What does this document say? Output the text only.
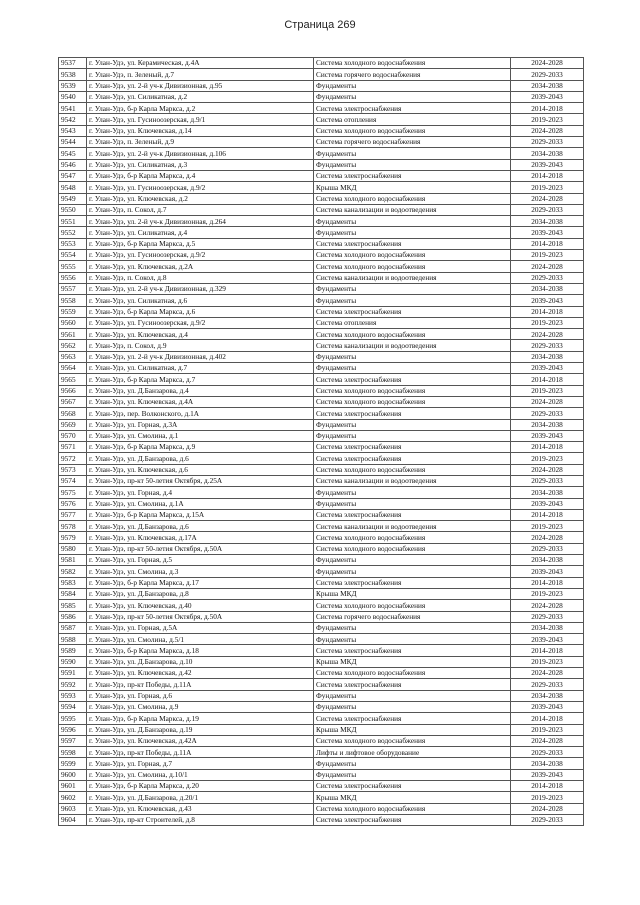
Страница 269
9537	г. Улан-Удэ, ул. Керамическая, д.4А	Система холодного водоснабжения	2024-2028
9538	г. Улан-Удэ, п. Зеленый, д.7	Система горячего водоснабжения	2029-2033
9539	г. Улан-Удэ, ул. 2-й уч-к Дивизионная, д.95	Фундаменты	2034-2038
9540	г. Улан-Удэ, ул. Силикатная, д.2	Фундаменты	2039-2043
9541	г. Улан-Удэ, б-р Карла Маркса, д.2	Система электроснабжения	2014-2018
9542	г. Улан-Удэ, ул. Гусиноозерская, д.9/1	Система отопления	2019-2023
9543	г. Улан-Удэ, ул. Ключевская, д.14	Система холодного водоснабжения	2024-2028
9544	г. Улан-Удэ, п. Зеленый, д.9	Система горячего водоснабжения	2029-2033
9545	г. Улан-Удэ, ул. 2-й уч-к Дивизионная, д.106	Фундаменты	2034-2038
9546	г. Улан-Удэ, ул. Силикатная, д.3	Фундаменты	2039-2043
9547	г. Улан-Удэ, б-р Карла Маркса, д.4	Система электроснабжения	2014-2018
9548	г. Улан-Удэ, ул. Гусиноозерская, д.9/2	Крыша МКД	2019-2023
9549	г. Улан-Удэ, ул. Ключевская, д.2	Система холодного водоснабжения	2024-2028
9550	г. Улан-Удэ, п. Сокол, д.7	Система канализации и водоотведения	2029-2033
9551	г. Улан-Удэ, ул. 2-й уч-к Дивизионная, д.264	Фундаменты	2034-2038
9552	г. Улан-Удэ, ул. Силикатная, д.4	Фундаменты	2039-2043
9553	г. Улан-Удэ, б-р Карла Маркса, д.5	Система электроснабжения	2014-2018
9554	г. Улан-Удэ, ул. Гусиноозерская, д.9/2	Система холодного водоснабжения	2019-2023
9555	г. Улан-Удэ, ул. Ключевская, д.2А	Система холодного водоснабжения	2024-2028
9556	г. Улан-Удэ, п. Сокол, д.8	Система канализации и водоотведения	2029-2033
9557	г. Улан-Удэ, ул. 2-й уч-к Дивизионная, д.329	Фундаменты	2034-2038
9558	г. Улан-Удэ, ул. Силикатная, д.6	Фундаменты	2039-2043
9559	г. Улан-Удэ, б-р Карла Маркса, д.6	Система электроснабжения	2014-2018
9560	г. Улан-Удэ, ул. Гусиноозерская, д.9/2	Система отопления	2019-2023
9561	г. Улан-Удэ, ул. Ключевская, д.4	Система холодного водоснабжения	2024-2028
9562	г. Улан-Удэ, п. Сокол, д.9	Система канализации и водоотведения	2029-2033
9563	г. Улан-Удэ, ул. 2-й уч-к Дивизионная, д.402	Фундаменты	2034-2038
9564	г. Улан-Удэ, ул. Силикатная, д.7	Фундаменты	2039-2043
9565	г. Улан-Удэ, б-р Карла Маркса, д.7	Система электроснабжения	2014-2018
9566	г. Улан-Удэ, ул. Д.Банзарова, д.4	Система холодного водоснабжения	2019-2023
9567	г. Улан-Удэ, ул. Ключевская, д.4А	Система холодного водоснабжения	2024-2028
9568	г. Улан-Удэ, пер. Волконского, д.1А	Система электроснабжения	2029-2033
9569	г. Улан-Удэ, ул. Горная, д.3А	Фундаменты	2034-2038
9570	г. Улан-Удэ, ул. Смолина, д.1	Фундаменты	2039-2043
9571	г. Улан-Удэ, б-р Карла Маркса, д.9	Система электроснабжения	2014-2018
9572	г. Улан-Удэ, ул. Д.Банзарова, д.6	Система электроснабжения	2019-2023
9573	г. Улан-Удэ, ул. Ключевская, д.6	Система холодного водоснабжения	2024-2028
9574	г. Улан-Удэ, пр-кт 50-летия Октября, д.25А	Система канализации и водоотведения	2029-2033
9575	г. Улан-Удэ, ул. Горная, д.4	Фундаменты	2034-2038
9576	г. Улан-Удэ, ул. Смолина, д.1А	Фундаменты	2039-2043
9577	г. Улан-Удэ, б-р Карла Маркса, д.15А	Система электроснабжения	2014-2018
9578	г. Улан-Удэ, ул. Д.Банзарова, д.6	Система канализации и водоотведения	2019-2023
9579	г. Улан-Удэ, ул. Ключевская, д.17А	Система холодного водоснабжения	2024-2028
9580	г. Улан-Удэ, пр-кт 50-летия Октября, д.50А	Система холодного водоснабжения	2029-2033
9581	г. Улан-Удэ, ул. Горная, д.5	Фундаменты	2034-2038
9582	г. Улан-Удэ, ул. Смолина, д.3	Фундаменты	2039-2043
9583	г. Улан-Удэ, б-р Карла Маркса, д.17	Система электроснабжения	2014-2018
9584	г. Улан-Удэ, ул. Д.Банзарова, д.8	Крыша МКД	2019-2023
9585	г. Улан-Удэ, ул. Ключевская, д.40	Система холодного водоснабжения	2024-2028
9586	г. Улан-Удэ, пр-кт 50-летия Октября, д.50А	Система горячего водоснабжения	2029-2033
9587	г. Улан-Удэ, ул. Горная, д.5А	Фундаменты	2034-2038
9588	г. Улан-Удэ, ул. Смолина, д.5/1	Фундаменты	2039-2043
9589	г. Улан-Удэ, б-р Карла Маркса, д.18	Система электроснабжения	2014-2018
9590	г. Улан-Удэ, ул. Д.Банзарова, д.10	Крыша МКД	2019-2023
9591	г. Улан-Удэ, ул. Ключевская, д.42	Система холодного водоснабжения	2024-2028
9592	г. Улан-Удэ, пр-кт Победы, д.11А	Система электроснабжения	2029-2033
9593	г. Улан-Удэ, ул. Горная, д.6	Фундаменты	2034-2038
9594	г. Улан-Удэ, ул. Смолина, д.9	Фундаменты	2039-2043
9595	г. Улан-Удэ, б-р Карла Маркса, д.19	Система электроснабжения	2014-2018
9596	г. Улан-Удэ, ул. Д.Банзарова, д.19	Крыша МКД	2019-2023
9597	г. Улан-Удэ, ул. Ключевская, д.42А	Система холодного водоснабжения	2024-2028
9598	г. Улан-Удэ, пр-кт Победы, д.11А	Лифты и лифтовое оборудование	2029-2033
9599	г. Улан-Удэ, ул. Горная, д.7	Фундаменты	2034-2038
9600	г. Улан-Удэ, ул. Смолина, д.10/1	Фундаменты	2039-2043
9601	г. Улан-Удэ, б-р Карла Маркса, д.20	Система электроснабжения	2014-2018
9602	г. Улан-Удэ, ул. Д.Банзарова, д.20/1	Крыша МКД	2019-2023
9603	г. Улан-Удэ, ул. Ключевская, д.43	Система холодного водоснабжения	2024-2028
9604	г. Улан-Удэ, пр-кт Строителей, д.8	Система электроснабжения	2029-2033
